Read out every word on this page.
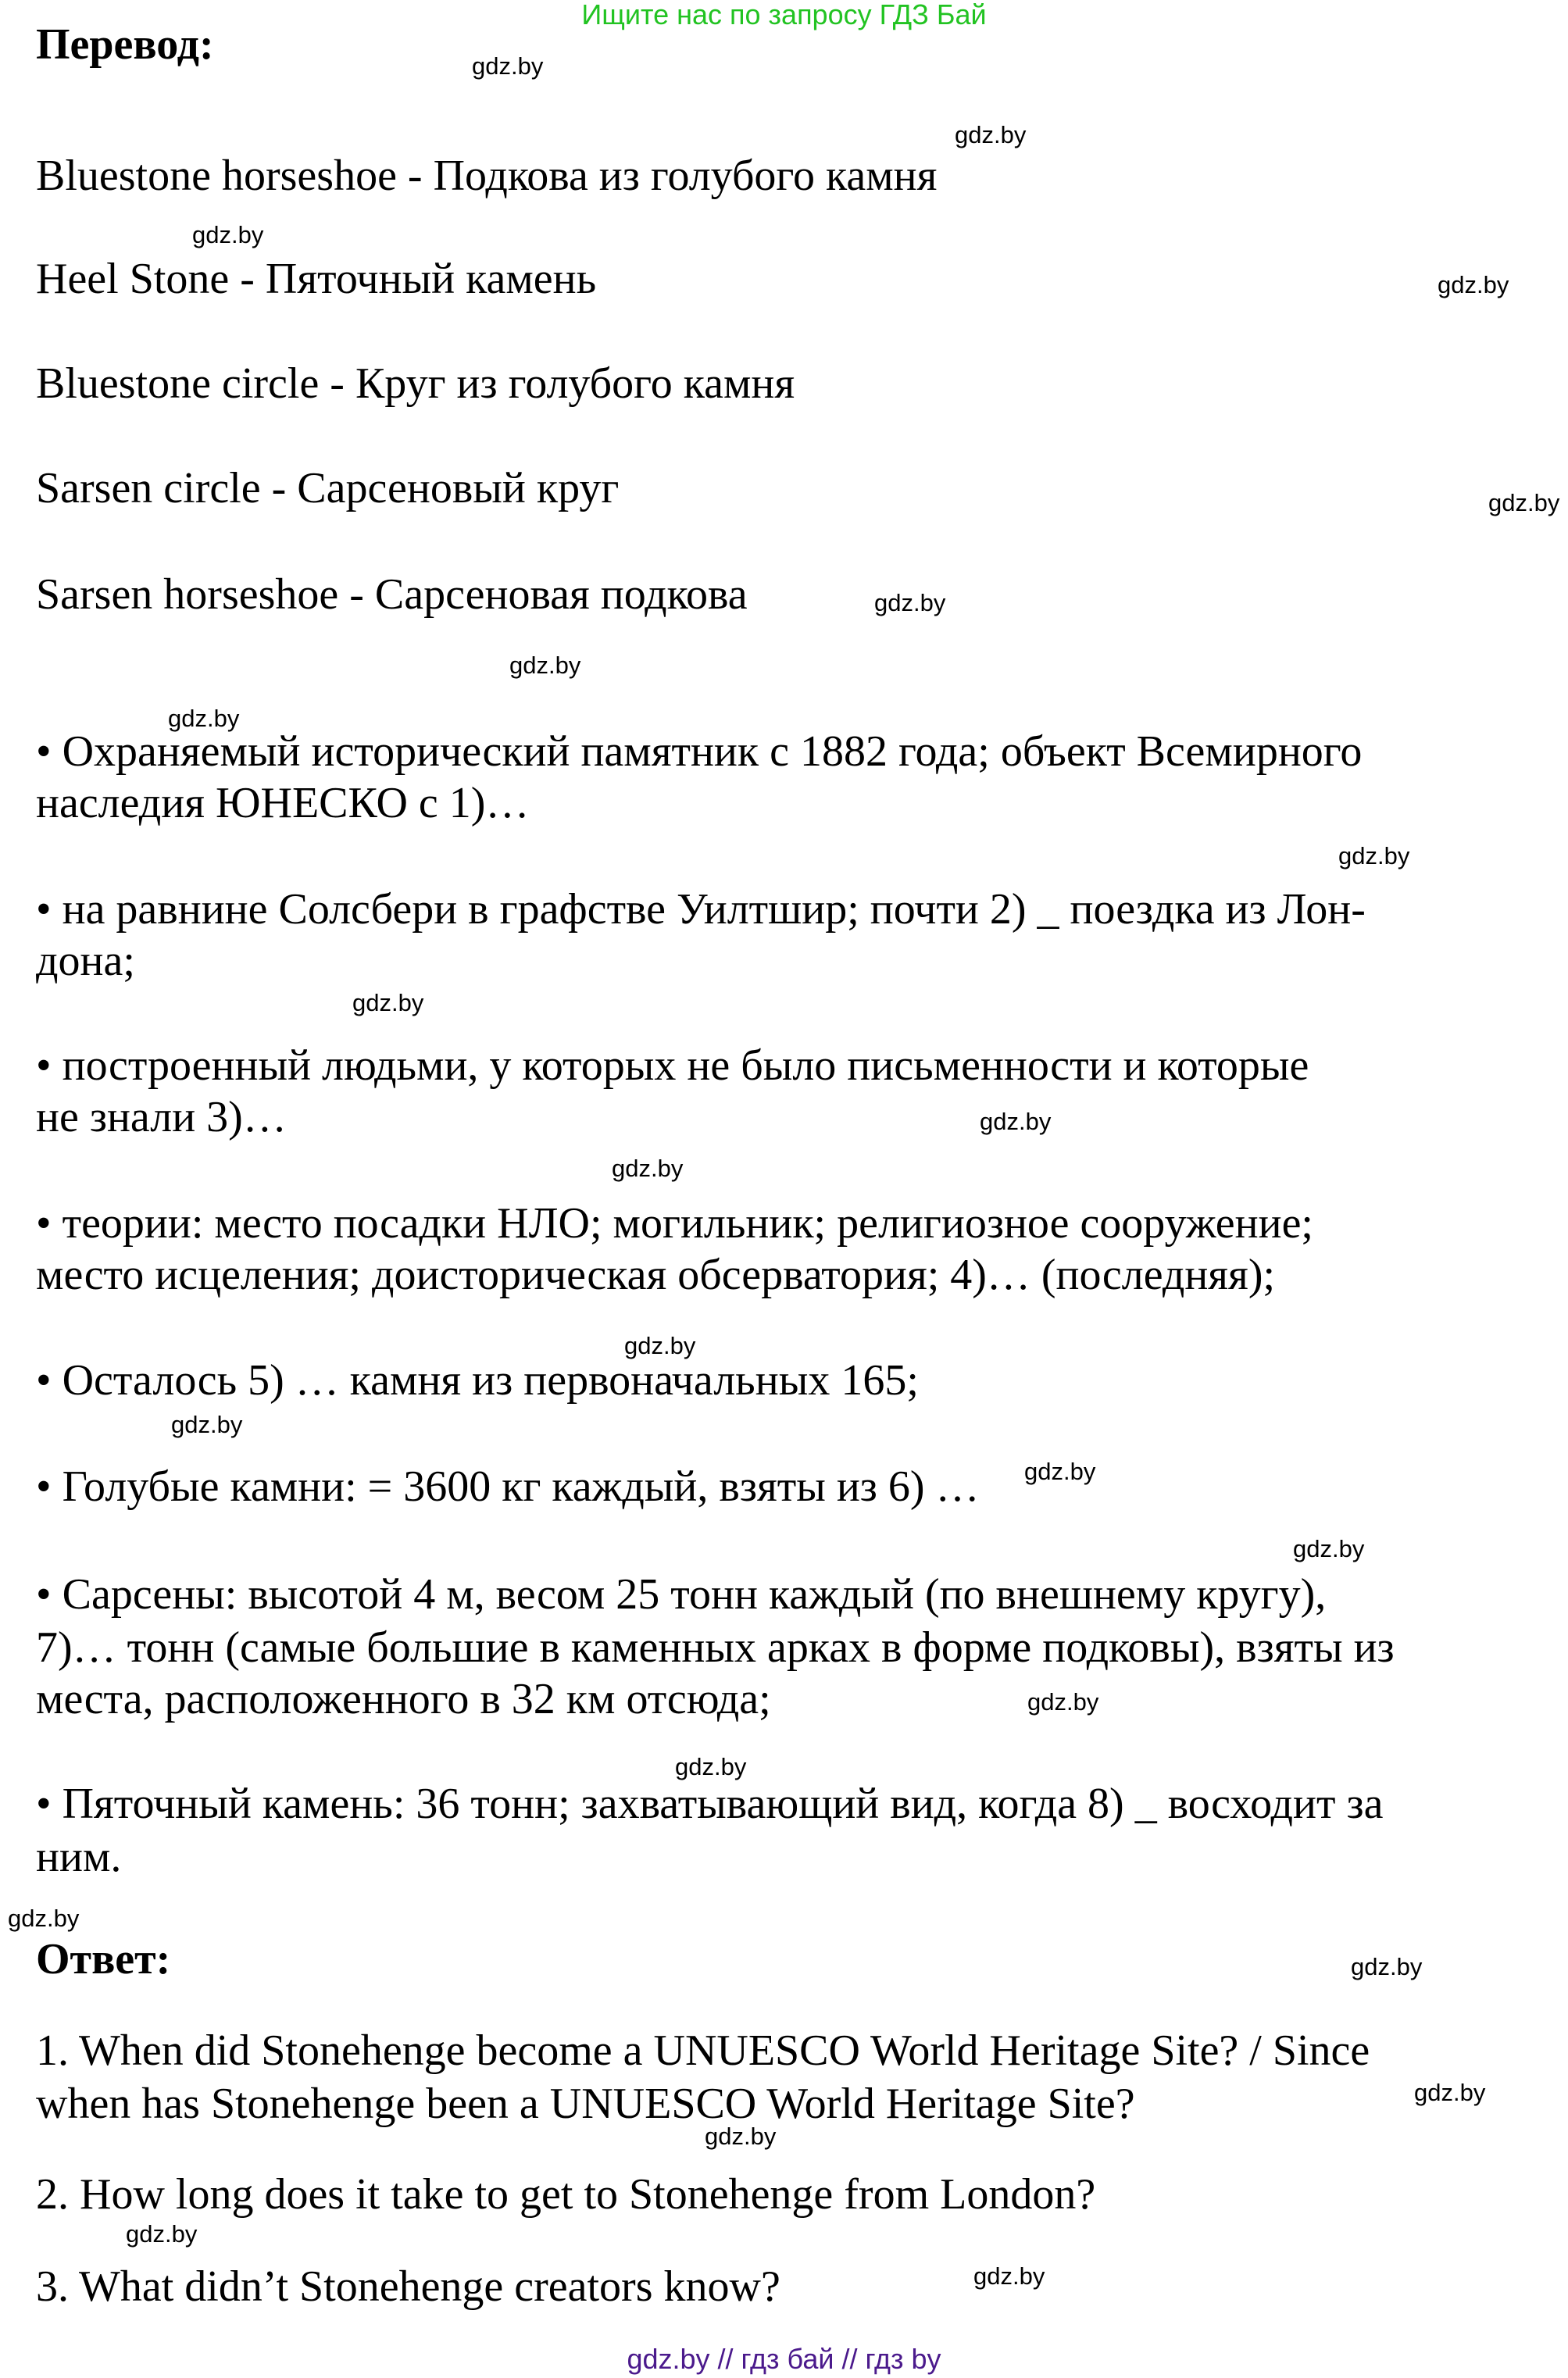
Ищите нас по запросу ГДЗ Бай
Перевод:
Bluestone horseshoe - Подкова из голубого камня
Heel Stone - Пяточный камень
Bluestone circle - Круг из голубого камня
Sarsen circle - Сарсеновый круг
Sarsen horseshoe - Сарсеновая подкова
• Охраняемый исторический памятник с 1882 года; объект Всемирного
наследия ЮНЕСКО с 1)…
• на равнине Солсбери в графстве Уилтшир; почти 2) _ поездка из Лон-
дона;
• построенный людьми, у которых не было письменности и которые
не знали 3)…
• теории: место посадки НЛО; могильник; религиозное сооружение;
место исцеления; доисторическая обсерватория; 4)… (последняя);
• Осталось 5) … камня из первоначальных 165;
• Голубые камни: = 3600 кг каждый, взяты из 6) …
• Сарсены: высотой 4 м, весом 25 тонн каждый (по внешнему кругу),
7)… тонн (самые большие в каменных арках в форме подковы), взяты из
места, расположенного в 32 км отсюда;
• Пяточный камень: 36 тонн; захватывающий вид, когда 8) _ восходит за
ним.
Ответ:
1. When did Stonehenge become a UNUESCO World Heritage Site? / Since
when has Stonehenge been a UNUESCO World Heritage Site?
2. How long does it take to get to Stonehenge from London?
3. What didn’t Stonehenge creators know?
gdz.by
gdz.by
gdz.by
gdz.by
gdz.by
gdz.by
gdz.by
gdz.by
gdz.by
gdz.by
gdz.by
gdz.by
gdz.by
gdz.by
gdz.by
gdz.by
gdz.by
gdz.by
gdz.by
gdz.by
gdz.by
gdz.by
gdz.by
gdz.by
gdz.by // гдз бай // гдз by
